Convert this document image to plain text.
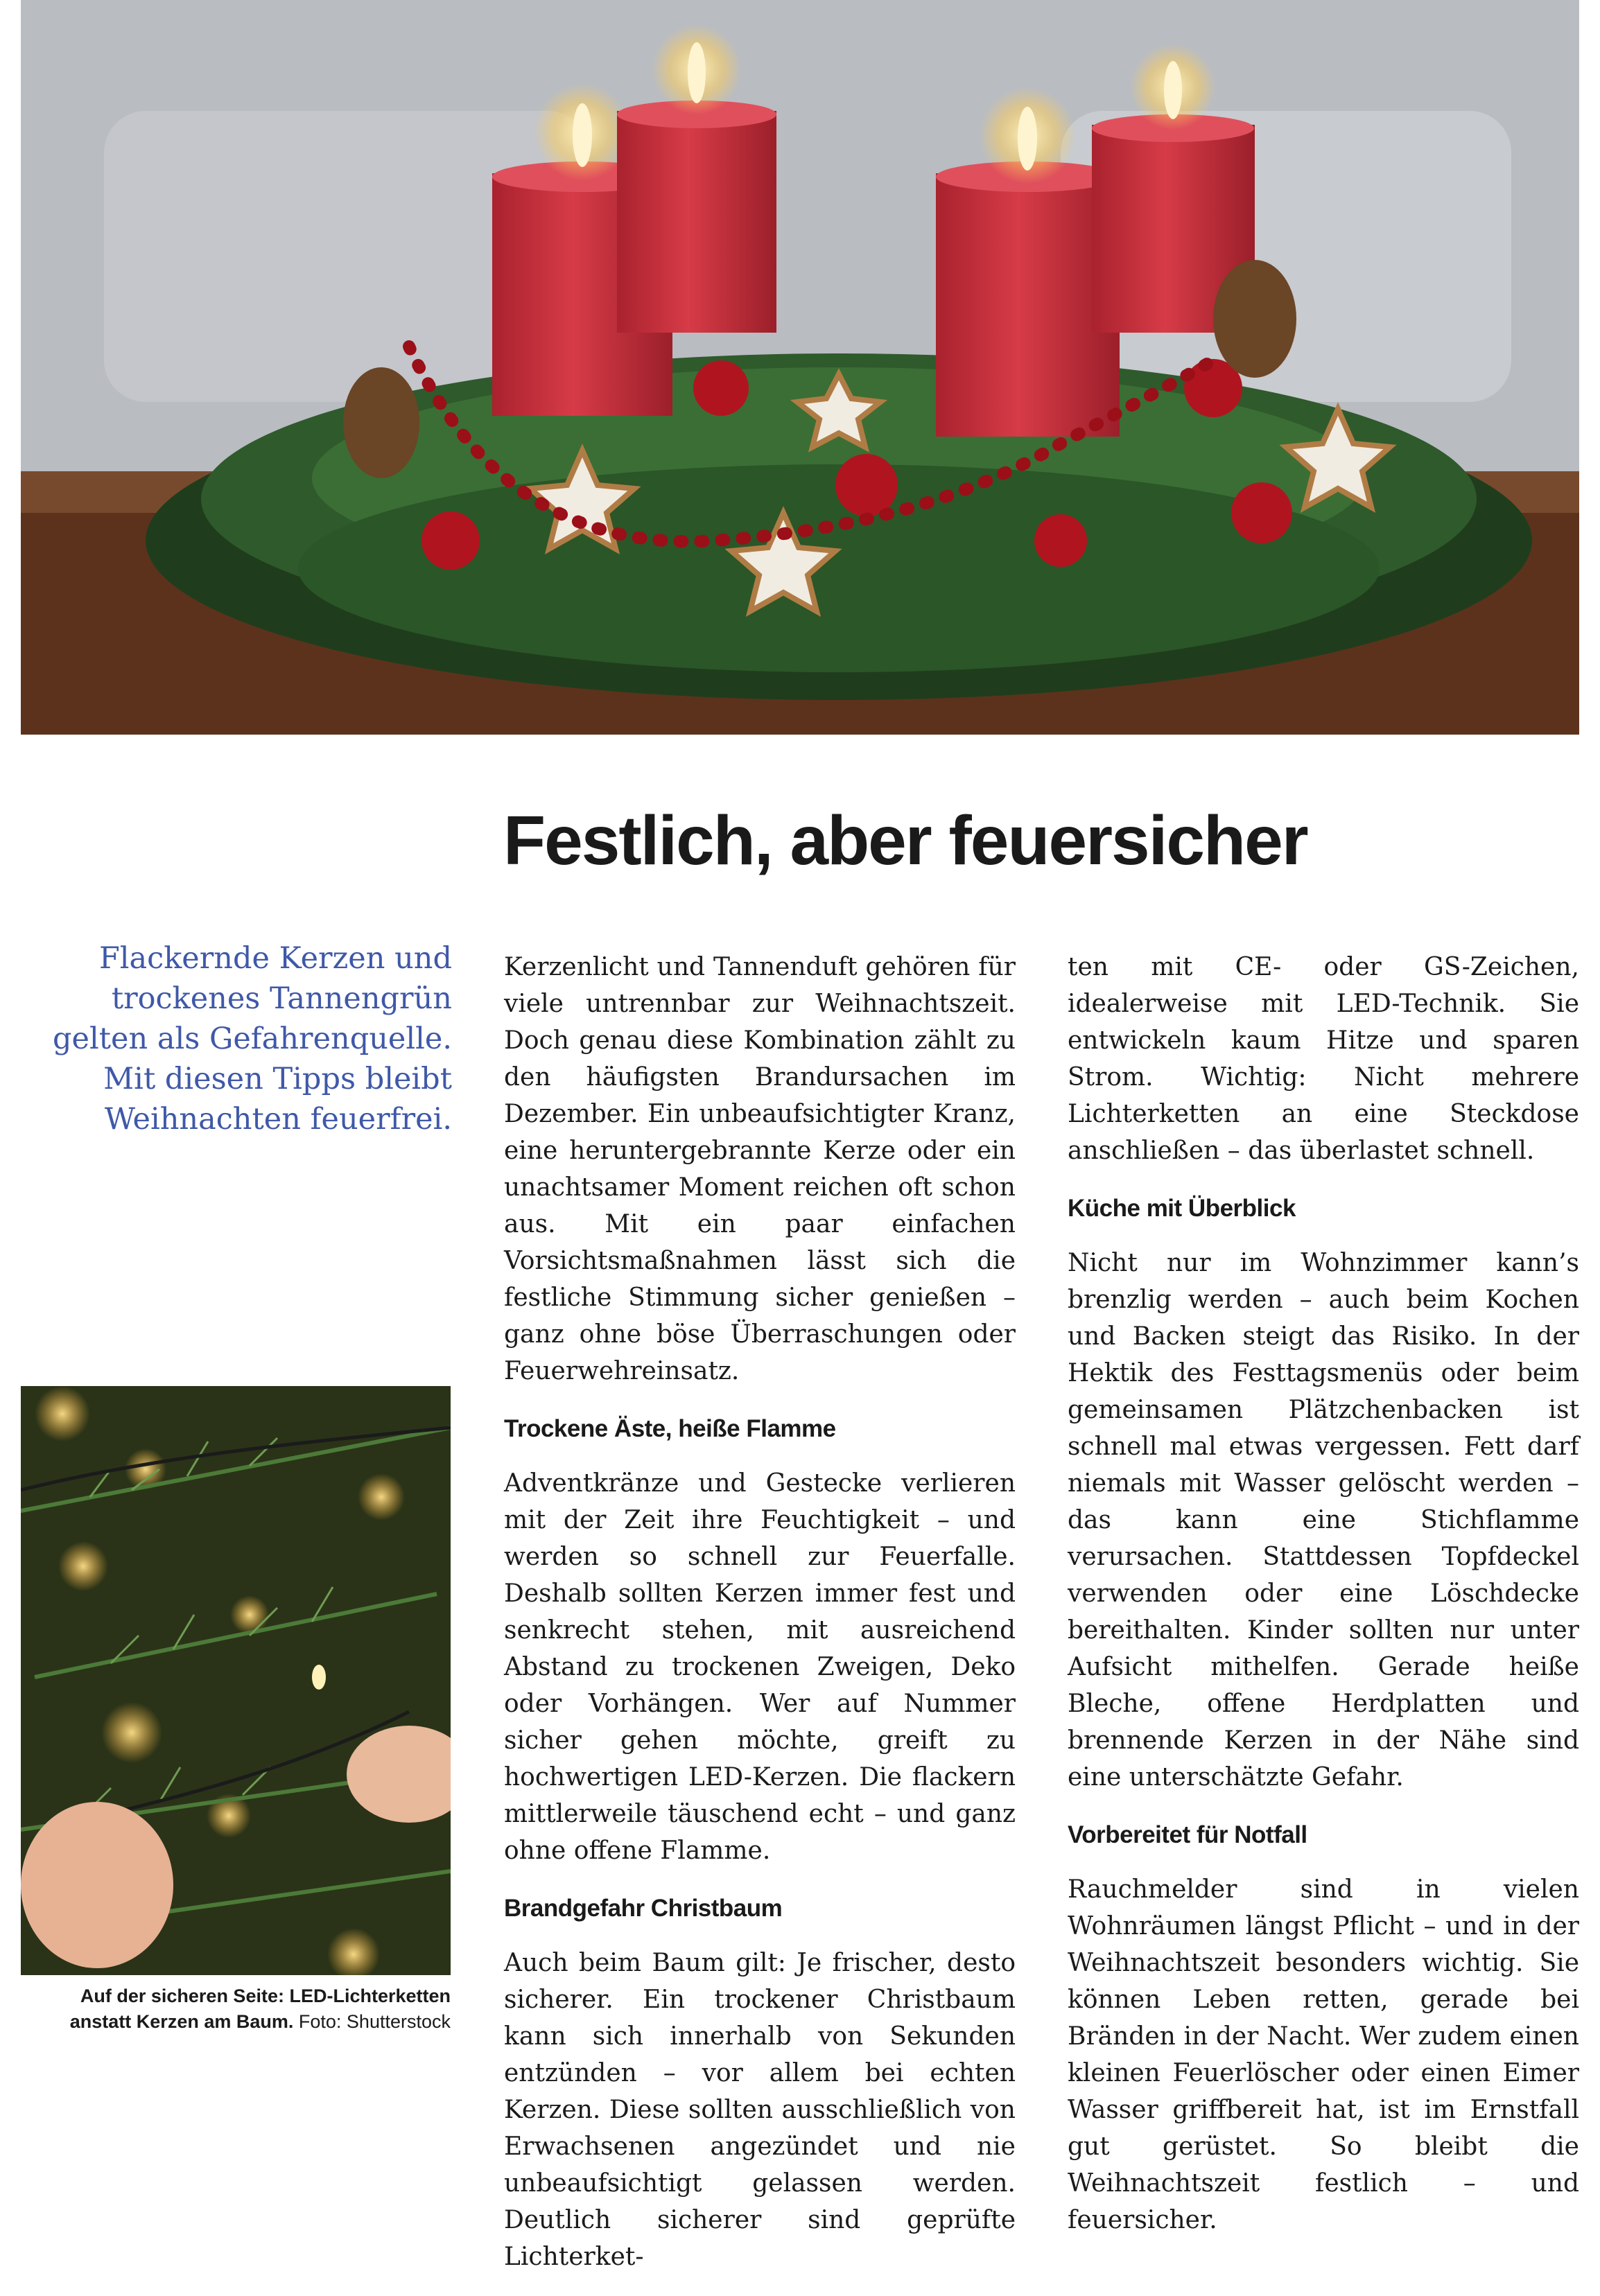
Festlich, aber feuersicher

Flackernde Kerzen und trockenes Tannengrün gelten als Gefahrenquelle. Mit diesen Tipps bleibt Weihnachten feuerfrei.

Auf der sicheren Seite: LED-Lichterketten anstatt Kerzen am Baum. Foto: Shutterstock

Kerzenlicht und Tannenduft gehören für viele untrennbar zur Weihnachtszeit. Doch genau diese Kombination zählt zu den häufigsten Brandursachen im Dezember. Ein unbeaufsichtigter Kranz, eine heruntergebrannte Kerze oder ein unachtsamer Moment reichen oft schon aus. Mit ein paar einfachen Vorsichtsmaßnahmen lässt sich die festliche Stimmung sicher genießen – ganz ohne böse Überraschungen oder Feuerwehreinsatz.

Trockene Äste, heiße Flamme

Adventkränze und Gestecke verlieren mit der Zeit ihre Feuchtigkeit – und werden so schnell zur Feuerfalle. Deshalb sollten Kerzen immer fest und senkrecht stehen, mit ausreichend Abstand zu trockenen Zweigen, Deko oder Vorhängen. Wer auf Nummer sicher gehen möchte, greift zu hochwertigen LED-Kerzen. Die flackern mittlerweile täuschend echt – und ganz ohne offene Flamme.

Brandgefahr Christbaum

Auch beim Baum gilt: Je frischer, desto sicherer. Ein trockener Christbaum kann sich innerhalb von Sekunden entzünden – vor allem bei echten Kerzen. Diese sollten ausschließlich von Erwachsenen angezündet und nie unbeaufsichtigt gelassen werden. Deutlich sicherer sind geprüfte Lichterket-

ten mit CE- oder GS-Zeichen, idealerweise mit LED-Technik. Sie entwickeln kaum Hitze und sparen Strom. Wichtig: Nicht mehrere Lichterketten an eine Steckdose anschließen – das überlastet schnell.

Küche mit Überblick

Nicht nur im Wohnzimmer kann’s brenzlig werden – auch beim Kochen und Backen steigt das Risiko. In der Hektik des Festtagsmenüs oder beim gemeinsamen Plätzchenbacken ist schnell mal etwas vergessen. Fett darf niemals mit Wasser gelöscht werden – das kann eine Stichflamme verursachen. Stattdessen Topfdeckel verwenden oder eine Löschdecke bereithalten. Kinder sollten nur unter Aufsicht mithelfen. Gerade heiße Bleche, offene Herdplatten und brennende Kerzen in der Nähe sind eine unterschätzte Gefahr.

Vorbereitet für Notfall

Rauchmelder sind in vielen Wohnräumen längst Pflicht – und in der Weihnachtszeit besonders wichtig. Sie können Leben retten, gerade bei Bränden in der Nacht. Wer zudem einen kleinen Feuerlöscher oder einen Eimer Wasser griffbereit hat, ist im Ernstfall gut gerüstet. So bleibt die Weihnachtszeit festlich – und feuersicher.
